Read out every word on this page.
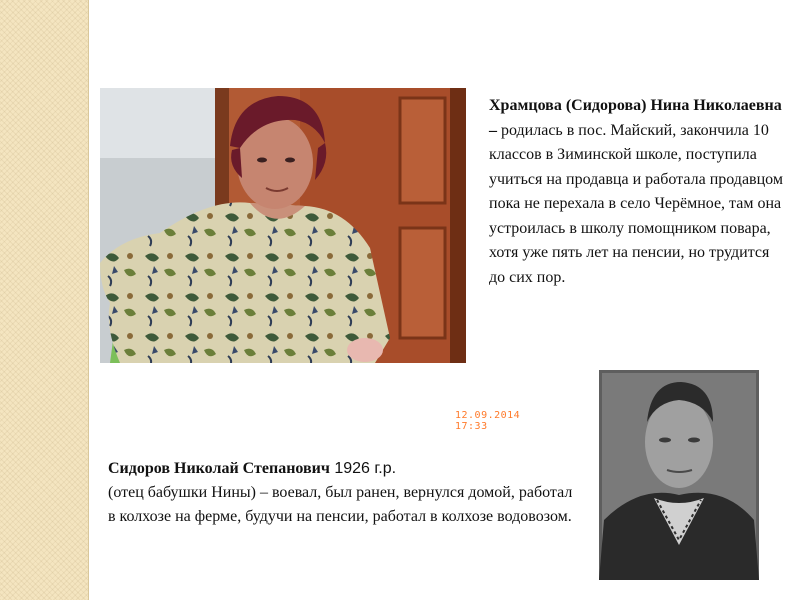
12.09.2014 17:33

Храмцова (Сидорова) Нина Николаевна – родилась в пос. Майский, закончила 10 классов в Зиминской школе, поступила учиться на продавца и работала продавцом пока не перехала в село Черёмное, там она устроилась в школу помощником повара, хотя уже пять лет на пенсии, но трудится до сих пор.

Сидоров Николай Степанович 1926 г.р.
(отец бабушки Нины) – воевал, был ранен, вернулся домой, работал в колхозе на ферме, будучи на пенсии, работал в колхозе водовозом.
